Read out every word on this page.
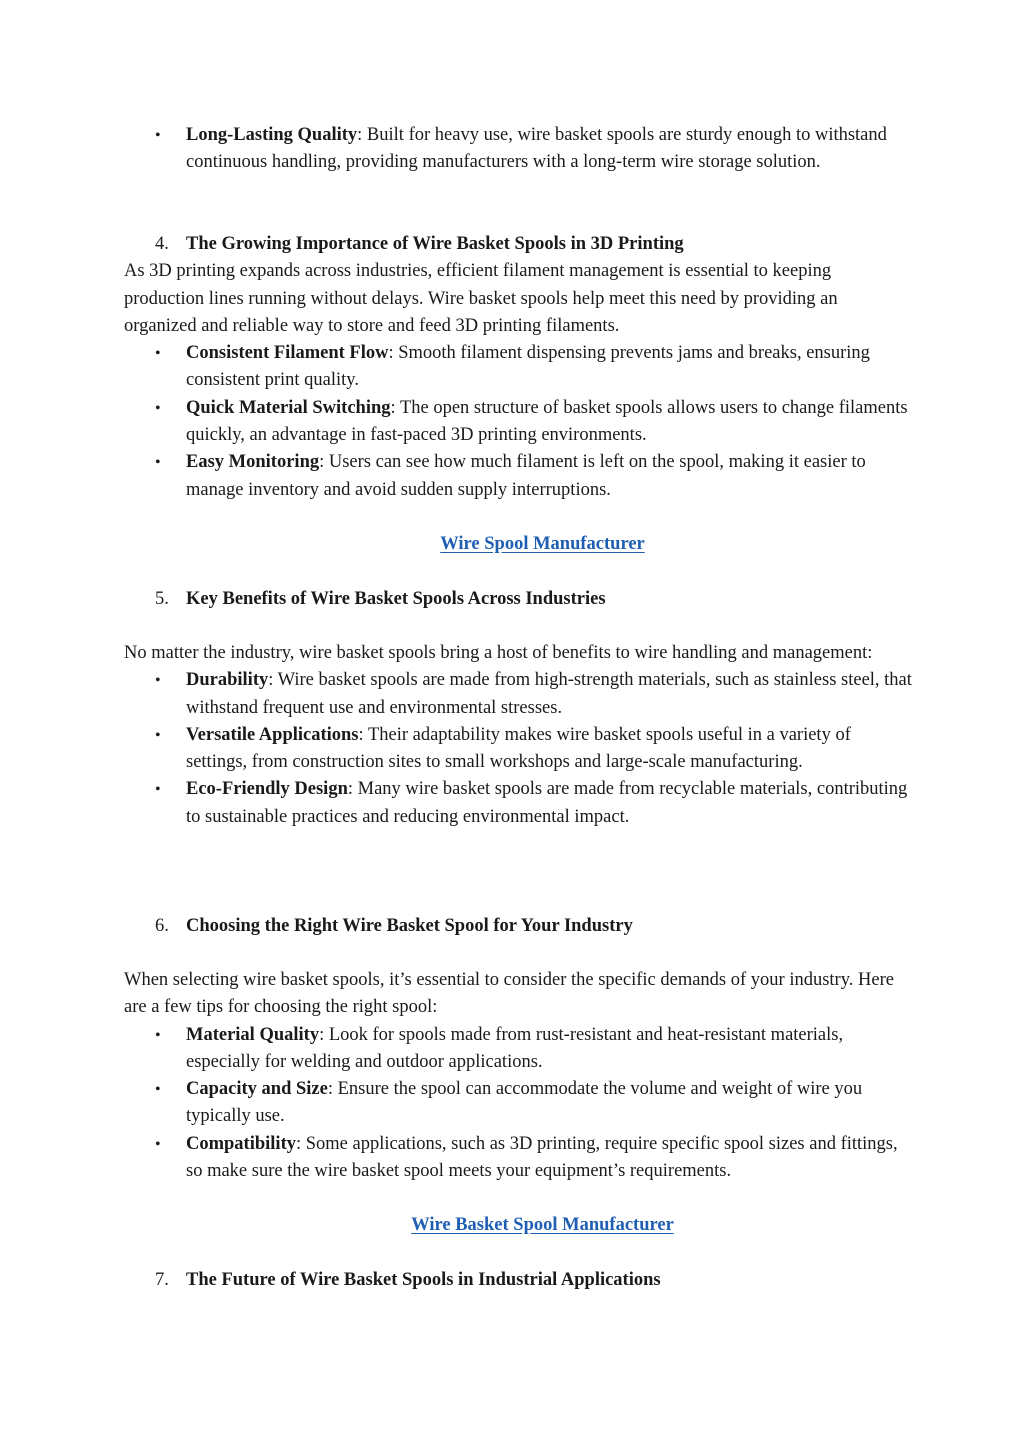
• Long-Lasting Quality: Built for heavy use, wire basket spools are sturdy enough to withstand continuous handling, providing manufacturers with a long-term wire storage solution.
4. The Growing Importance of Wire Basket Spools in 3D Printing

As 3D printing expands across industries, efficient filament management is essential to keeping production lines running without delays. Wire basket spools help meet this need by providing an organized and reliable way to store and feed 3D printing filaments.

• Consistent Filament Flow: Smooth filament dispensing prevents jams and breaks, ensuring consistent print quality.
• Quick Material Switching: The open structure of basket spools allows users to change filaments quickly, an advantage in fast-paced 3D printing environments.
• Easy Monitoring: Users can see how much filament is left on the spool, making it easier to manage inventory and avoid sudden supply interruptions.
Wire Spool Manufacturer
5. Key Benefits of Wire Basket Spools Across Industries

No matter the industry, wire basket spools bring a host of benefits to wire handling and management:

• Durability: Wire basket spools are made from high-strength materials, such as stainless steel, that withstand frequent use and environmental stresses.
• Versatile Applications: Their adaptability makes wire basket spools useful in a variety of settings, from construction sites to small workshops and large-scale manufacturing.
• Eco-Friendly Design: Many wire basket spools are made from recyclable materials, contributing to sustainable practices and reducing environmental impact.
6. Choosing the Right Wire Basket Spool for Your Industry

When selecting wire basket spools, it’s essential to consider the specific demands of your industry. Here are a few tips for choosing the right spool:

• Material Quality: Look for spools made from rust-resistant and heat-resistant materials, especially for welding and outdoor applications.
• Capacity and Size: Ensure the spool can accommodate the volume and weight of wire you typically use.
• Compatibility: Some applications, such as 3D printing, require specific spool sizes and fittings, so make sure the wire basket spool meets your equipment’s requirements.
Wire Basket Spool Manufacturer
7. The Future of Wire Basket Spools in Industrial Applications
